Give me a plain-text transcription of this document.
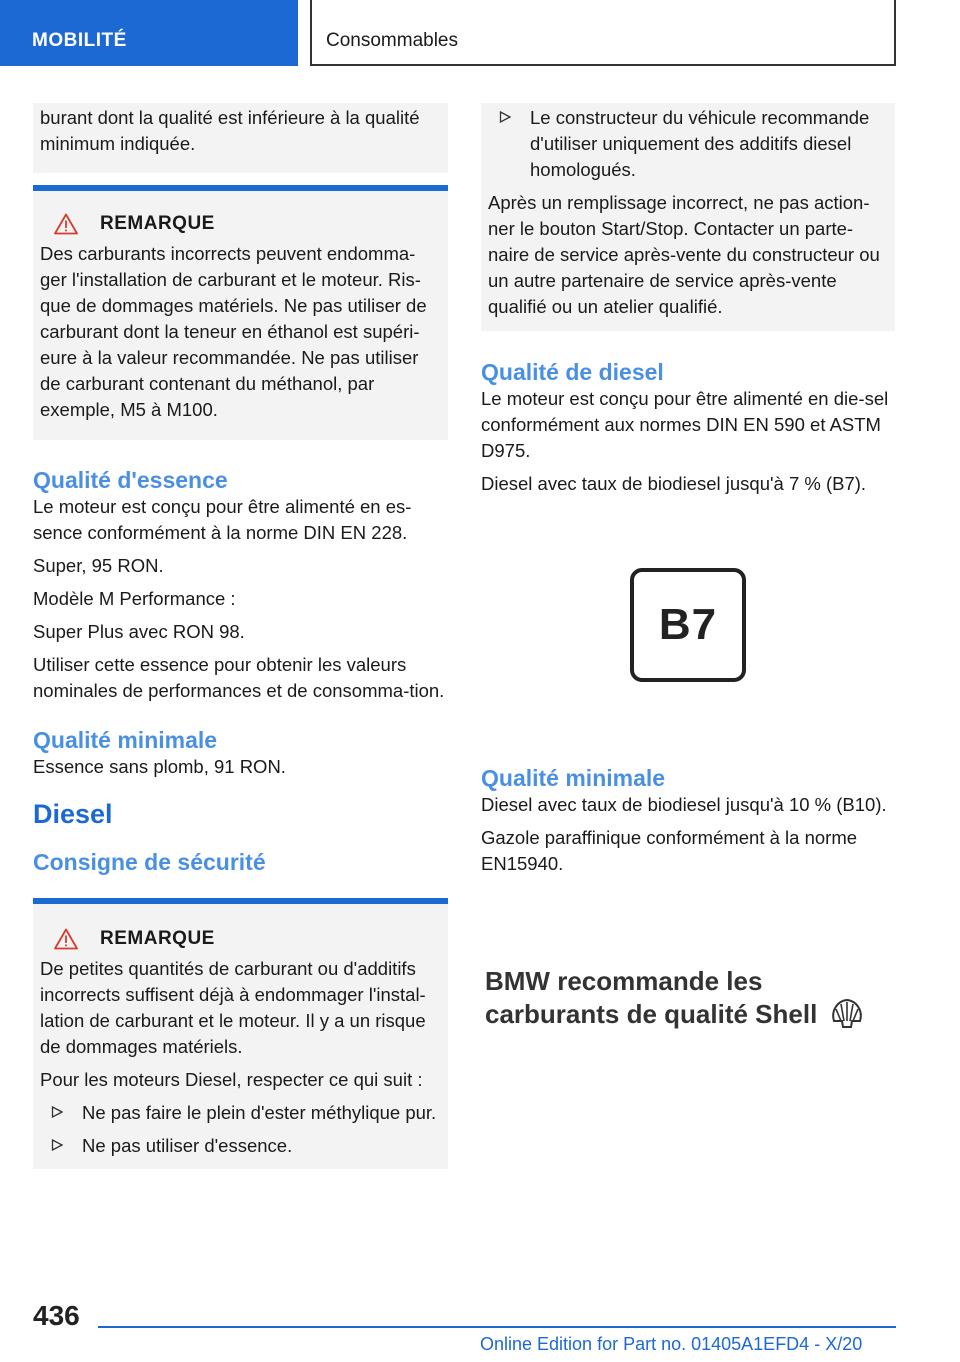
MOBILITÉ	Consommables

burant dont la qualité est inférieure à la qualité minimum indiquée.

REMARQUE

Des carburants incorrects peuvent endomma-ger l'installation de carburant et le moteur. Ris-que de dommages matériels. Ne pas utiliser de carburant dont la teneur en éthanol est supéri-eure à la valeur recommandée. Ne pas utiliser de carburant contenant du méthanol, par exemple, M5 à M100.

Qualité d'essence

Le moteur est conçu pour être alimenté en es-sence conformément à la norme DIN EN 228.

Super, 95 RON.

Modèle M Performance :

Super Plus avec RON 98.

Utiliser cette essence pour obtenir les valeurs nominales de performances et de consomma-tion.

Qualité minimale

Essence sans plomb, 91 RON.

Diesel
Consigne de sécurité
REMARQUE

De petites quantités de carburant ou d'additifs incorrects suffisent déjà à endommager l'instal-lation de carburant et le moteur. Il y a un risque de dommages matériels.

Pour les moteurs Diesel, respecter ce qui suit :

Ne pas faire le plein d'ester méthylique pur.

Ne pas utiliser d'essence.

Le constructeur du véhicule recommande d'utiliser uniquement des additifs diesel homologués.

Après un remplissage incorrect, ne pas action-ner le bouton Start/Stop. Contacter un parte-naire de service après-vente du constructeur ou un autre partenaire de service après-vente qualifié ou un atelier qualifié.

Qualité de diesel

Le moteur est conçu pour être alimenté en die-sel conformément aux normes DIN EN 590 et ASTM D975.

Diesel avec taux de biodiesel jusqu'à 7 % (B7).

B7
Qualité minimale

Diesel avec taux de biodiesel jusqu'à 10 % (B10).

Gazole paraffinique conformément à la norme EN15940.

BMW recommande les

carburants de qualité Shell

436
Online Edition for Part no. 01405A1EFD4 - X/20
